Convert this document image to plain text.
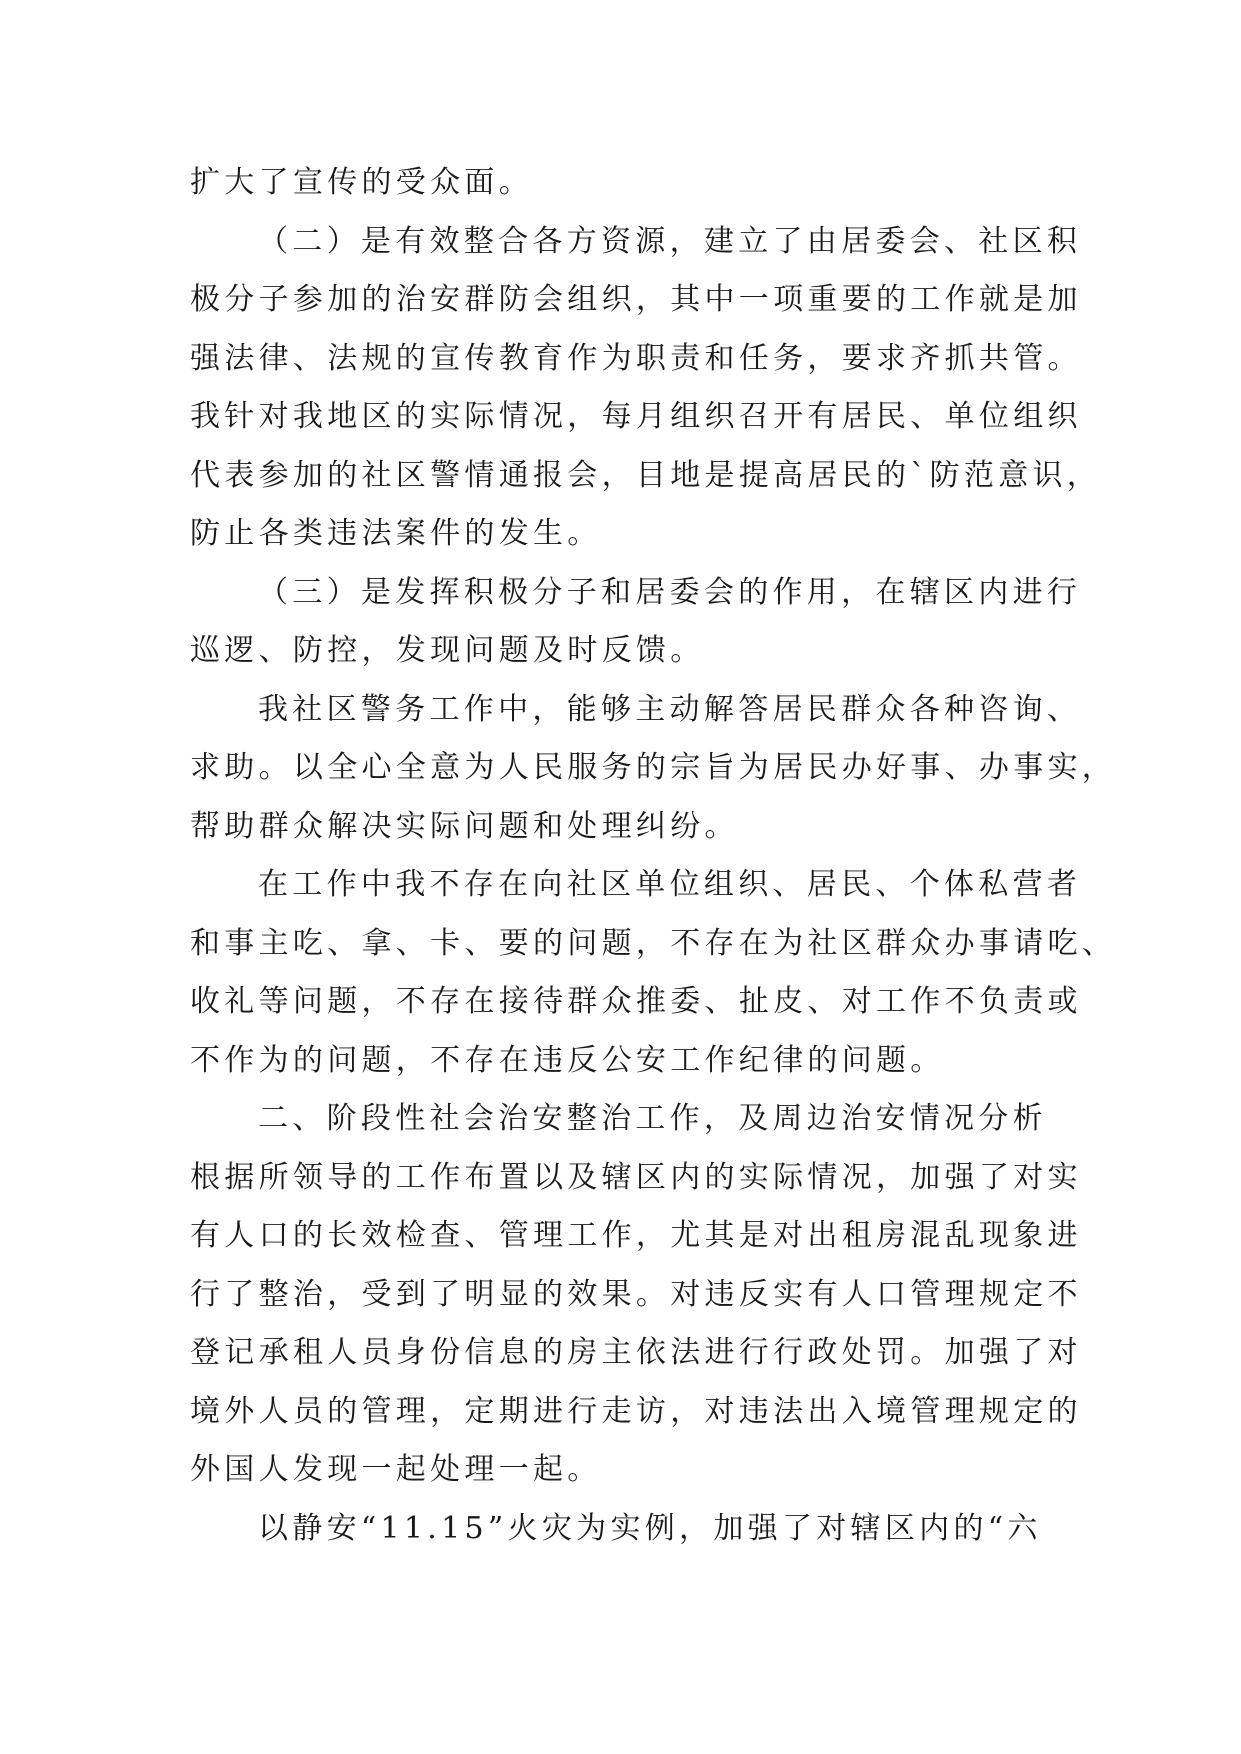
扩大了宣传的受众面。
（二）是有效整合各方资源，建立了由居委会、社区积
极分子参加的治安群防会组织，其中一项重要的工作就是加
强法律、法规的宣传教育作为职责和任务，要求齐抓共管。
我针对我地区的实际情况，每月组织召开有居民、单位组织
代表参加的社区警情通报会，目地是提高居民的`防范意识，
防止各类违法案件的发生。
（三）是发挥积极分子和居委会的作用，在辖区内进行
巡逻、防控，发现问题及时反馈。
我社区警务工作中，能够主动解答居民群众各种咨询、
求助。以全心全意为人民服务的宗旨为居民办好事、办事实，
帮助群众解决实际问题和处理纠纷。
在工作中我不存在向社区单位组织、居民、个体私营者
和事主吃、拿、卡、要的问题，不存在为社区群众办事请吃、
收礼等问题，不存在接待群众推委、扯皮、对工作不负责或
不作为的问题，不存在违反公安工作纪律的问题。
二、阶段性社会治安整治工作，及周边治安情况分析
根据所领导的工作布置以及辖区内的实际情况，加强了对实
有人口的长效检查、管理工作，尤其是对出租房混乱现象进
行了整治，受到了明显的效果。对违反实有人口管理规定不
登记承租人员身份信息的房主依法进行行政处罚。加强了对
境外人员的管理，定期进行走访，对违法出入境管理规定的
外国人发现一起处理一起。
以静安“11.15”火灾为实例，加强了对辖区内的“六
